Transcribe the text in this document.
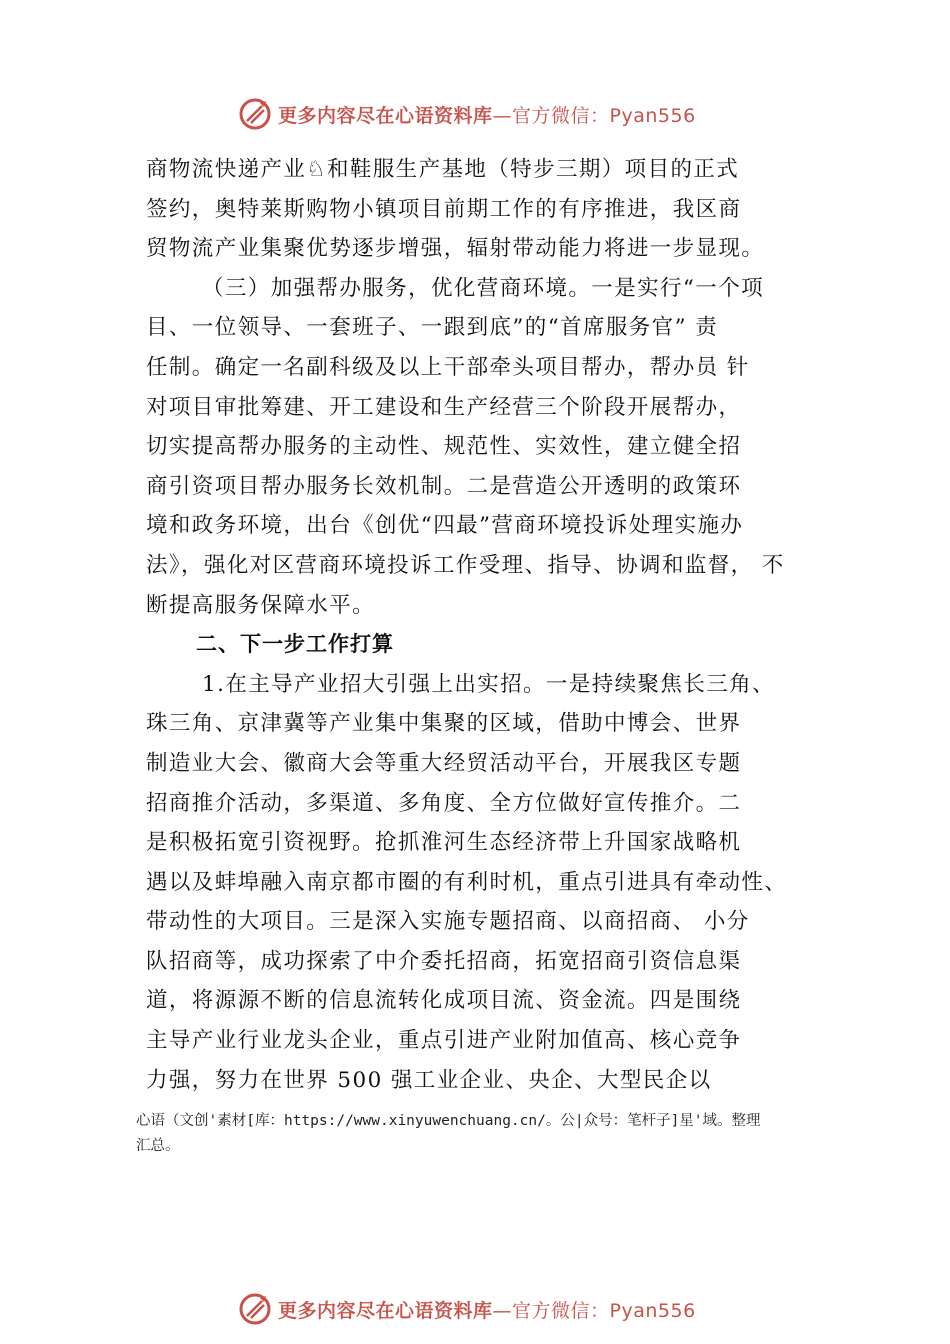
更多内容尽在心语资料库—官方微信：Pyan556
商物流快递产业♘和鞋服生产基地（特步三期）项目的正式
签约，奥特莱斯购物小镇项目前期工作的有序推进，我区商
贸物流产业集聚优势逐步增强，辐射带动能力将进一步显现。
（三）加强帮办服务，优化营商环境。一是实行“一个项
目、一位领导、一套班子、一跟到底”的“首席服务官” 责
任制。确定一名副科级及以上干部牵头项目帮办，帮办员 针
对项目审批筹建、开工建设和生产经营三个阶段开展帮办，
切实提高帮办服务的主动性、规范性、实效性，建立健全招
商引资项目帮办服务长效机制。二是营造公开透明的政策环
境和政务环境，出台《创优“四最”营商环境投诉处理实施办
法》，强化对区营商环境投诉工作受理、指导、协调和监督， 不
断提高服务保障水平。
二、下一步工作打算
1.在主导产业招大引强上出实招。一是持续聚焦长三角、
珠三角、京津冀等产业集中集聚的区域，借助中博会、世界
制造业大会、徽商大会等重大经贸活动平台，开展我区专题
招商推介活动，多渠道、多角度、全方位做好宣传推介。二
是积极拓宽引资视野。抢抓淮河生态经济带上升国家战略机
遇以及蚌埠融入南京都市圈的有利时机，重点引进具有牵动性、
带动性的大项目。三是深入实施专题招商、以商招商、 小分
队招商等，成功探索了中介委托招商，拓宽招商引资信息渠
道，将源源不断的信息流转化成项目流、资金流。四是围绕
主导产业行业龙头企业，重点引进产业附加值高、核心竞争
力强，努力在世界 500 强工业企业、央企、大型民企以
心语（文创'素材[库：https://www.xinyuwenchuang.cn/。公|众号：笔杆子]星'域。整理
汇总。
更多内容尽在心语资料库—官方微信：Pyan556
